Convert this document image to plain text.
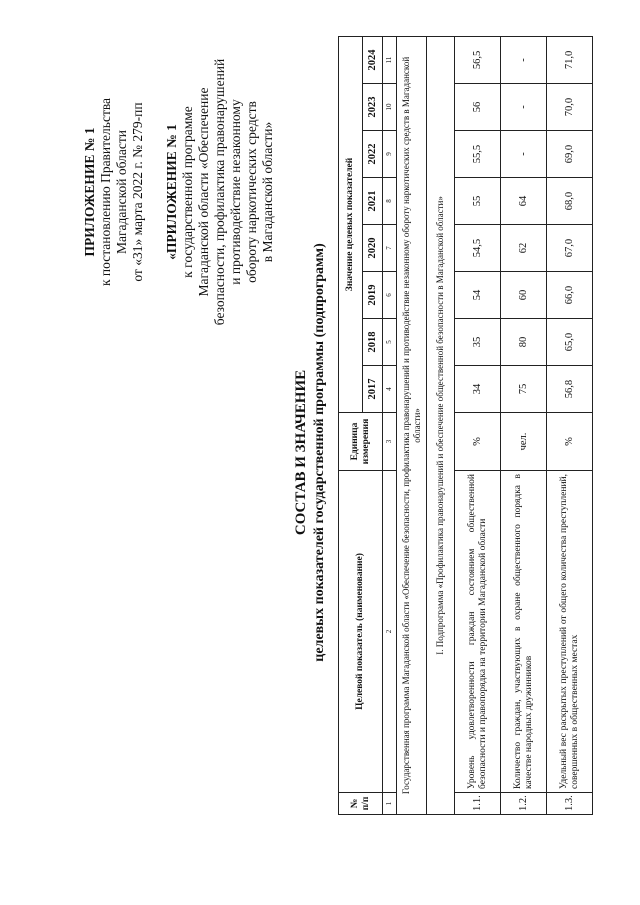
ПРИЛОЖЕНИЕ № 1 к постановлению Правительства Магаданской области от «31» марта 2022 г. № 279-пп «ПРИЛОЖЕНИЕ № 1 к государственной программе Магаданской области «Обеспечение безопасности, профилактика правонарушений и противодействие незаконному обороту наркотических средств в Магаданской области»
СОСТАВ И ЗНАЧЕНИЕ целевых показателей государственной программы (подпрограмм)
№ п/п	Целевой показатель (наименование)	Единица измерения	Значение целевых показателей							
			2017	2018	2019	2020	2021	2022	2023	2024
1	2	3	4	5	6	7	8	9	10	11
Государственная программа Магаданской области «Обеспечение безопасности, профилактика правонарушений и противодействие незаконному обороту наркотических средств в Магаданской области»										
I. Подпрограмма «Профилактика правонарушений и обеспечение общественной безопасности в Магаданской области»										
1.1.	Уровень удовлетворенности граждан состоянием общественной безопасности и правопорядка на территории Магаданской области	%	34	35	54	54,5	55	55,5	56	56,5
1.2.	Количество граждан, участвующих в охране общественного порядка в качестве народных дружинников	чел.	75	80	60	62	64	-	-	-
1.3.	Удельный вес раскрытых преступлений от общего количества преступлений, совершенных в общественных местах	%	56,8	65,0	66,0	67,0	68,0	69,0	70,0	71,0
